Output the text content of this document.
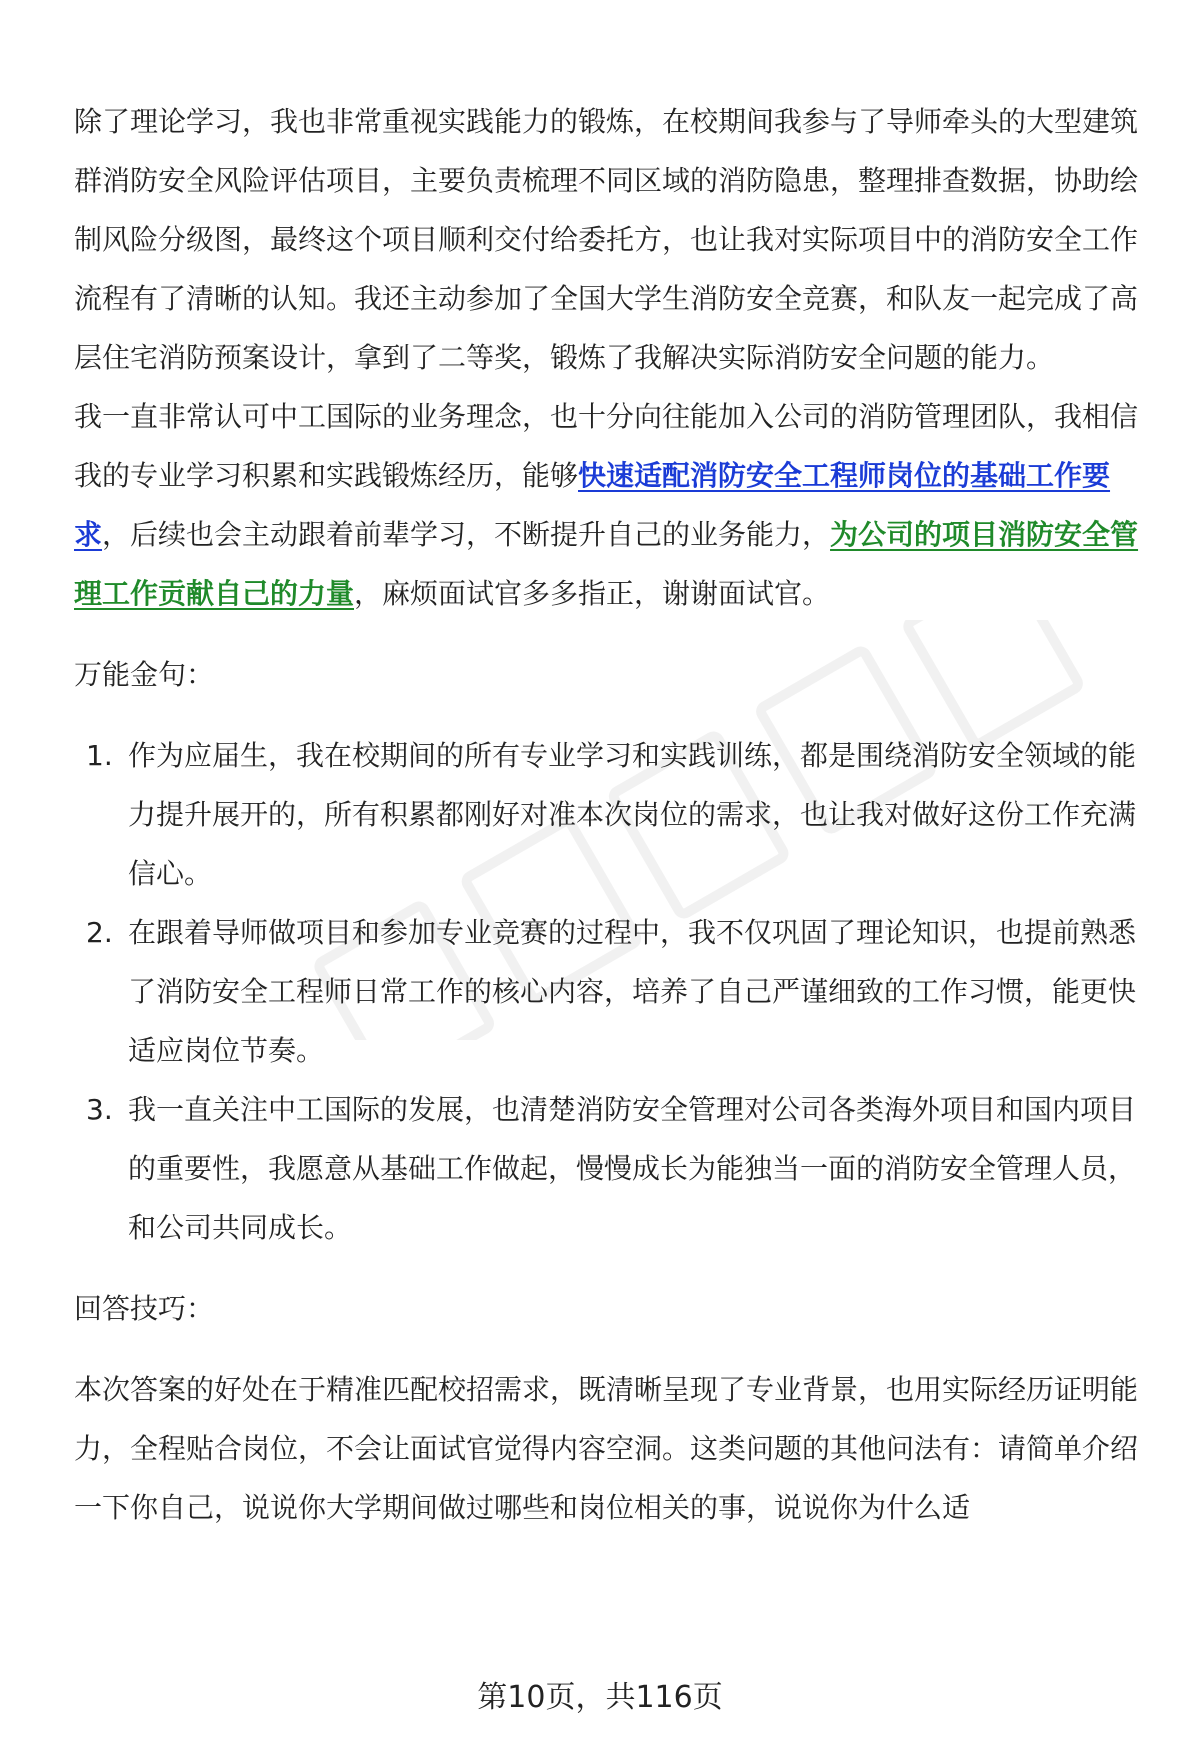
除了理论学习，我也非常重视实践能力的锻炼，在校期间我参与了导师牵头的大型建筑群消防安全风险评估项目，主要负责梳理不同区域的消防隐患，整理排查数据，协助绘制风险分级图，最终这个项目顺利交付给委托方，也让我对实际项目中的消防安全工作流程有了清晰的认知。我还主动参加了全国大学生消防安全竞赛，和队友一起完成了高层住宅消防预案设计，拿到了二等奖，锻炼了我解决实际消防安全问题的能力。

我一直非常认可中工国际的业务理念，也十分向往能加入公司的消防管理团队，我相信我的专业学习积累和实践锻炼经历，能够快速适配消防安全工程师岗位的基础工作要求，后续也会主动跟着前辈学习，不断提升自己的业务能力，为公司的项目消防安全管理工作贡献自己的力量，麻烦面试官多多指正，谢谢面试官。

万能金句：

1. 作为应届生，我在校期间的所有专业学习和实践训练，都是围绕消防安全领域的能力提升展开的，所有积累都刚好对准本次岗位的需求，也让我对做好这份工作充满信心。
2. 在跟着导师做项目和参加专业竞赛的过程中，我不仅巩固了理论知识，也提前熟悉了消防安全工程师日常工作的核心内容，培养了自己严谨细致的工作习惯，能更快适应岗位节奏。
3. 我一直关注中工国际的发展，也清楚消防安全管理对公司各类海外项目和国内项目的重要性，我愿意从基础工作做起，慢慢成长为能独当一面的消防安全管理人员，和公司共同成长。

回答技巧：

本次答案的好处在于精准匹配校招需求，既清晰呈现了专业背景，也用实际经历证明能力，全程贴合岗位，不会让面试官觉得内容空洞。这类问题的其他问法有：请简单介绍一下你自己，说说你大学期间做过哪些和岗位相关的事，说说你为什么适

第10页，共116页
